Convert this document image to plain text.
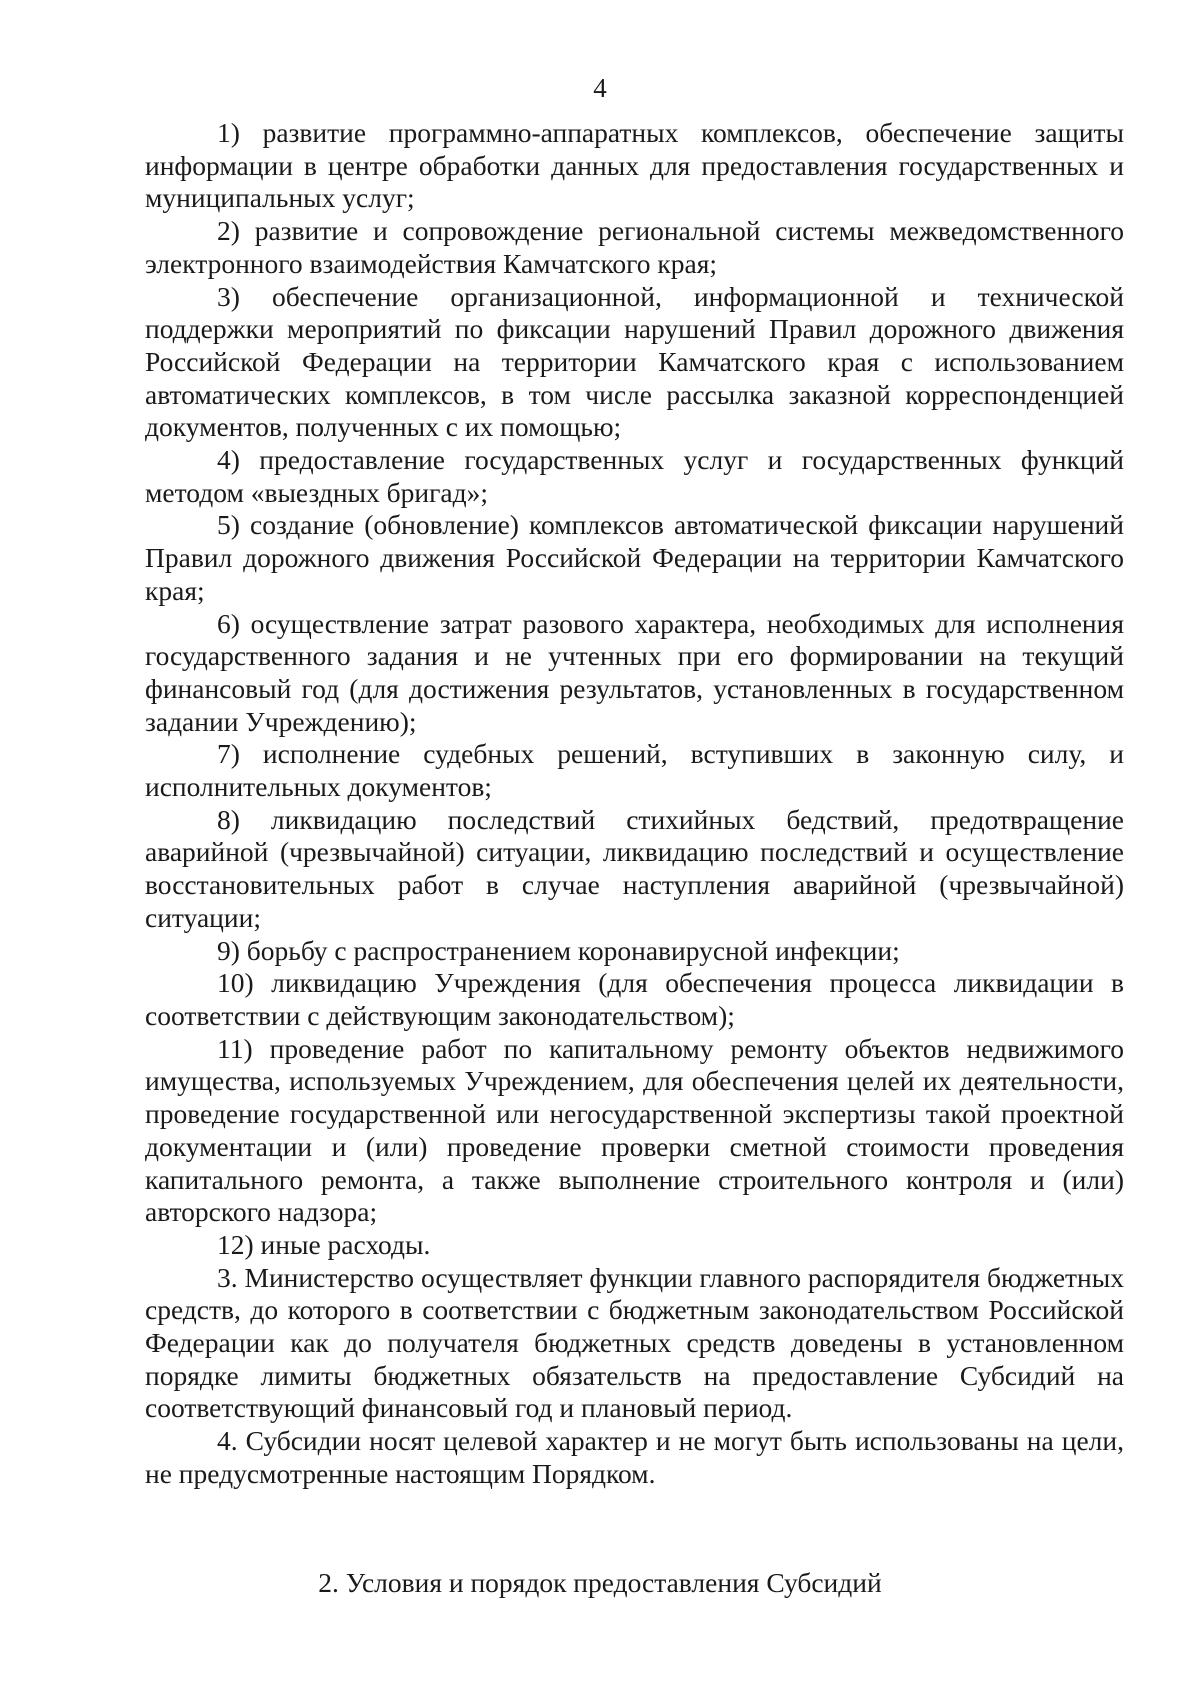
4

1) развитие программно-аппаратных комплексов, обеспечение защиты информации в центре обработки данных для предоставления государственных и муниципальных услуг;

2) развитие и сопровождение региональной системы межведомственного электронного взаимодействия Камчатского края;

3) обеспечение организационной, информационной и технической поддержки мероприятий по фиксации нарушений Правил дорожного движения Российской Федерации на территории Камчатского края с использованием автоматических комплексов, в том числе рассылка заказной корреспонденцией документов, полученных с их помощью;

4) предоставление государственных услуг и государственных функций методом «выездных бригад»;

5) создание (обновление) комплексов автоматической фиксации нарушений Правил дорожного движения Российской Федерации на территории Камчатского края;

6) осуществление затрат разового характера, необходимых для исполнения государственного задания и не учтенных при его формировании на текущий финансовый год (для достижения результатов, установленных в государственном задании Учреждению);

7) исполнение судебных решений, вступивших в законную силу, и исполнительных документов;

8) ликвидацию последствий стихийных бедствий, предотвращение аварийной (чрезвычайной) ситуации, ликвидацию последствий и осуществление восстановительных работ в случае наступления аварийной (чрезвычайной) ситуации;

9) борьбу с распространением коронавирусной инфекции;

10) ликвидацию Учреждения (для обеспечения процесса ликвидации в соответствии с действующим законодательством);

11) проведение работ по капитальному ремонту объектов недвижимого имущества, используемых Учреждением, для обеспечения целей их деятельности, проведение государственной или негосударственной экспертизы такой проектной документации и (или) проведение проверки сметной стоимости проведения капитального ремонта, а также выполнение строительного контроля и (или) авторского надзора;

12) иные расходы.

3. Министерство осуществляет функции главного распорядителя бюджетных средств, до которого в соответствии с бюджетным законодательством Российской Федерации как до получателя бюджетных средств доведены в установленном порядке лимиты бюджетных обязательств на предоставление Субсидий на соответствующий финансовый год и плановый период.

4. Субсидии носят целевой характер и не могут быть использованы на цели, не предусмотренные настоящим Порядком.

2. Условия и порядок предоставления Субсидий
